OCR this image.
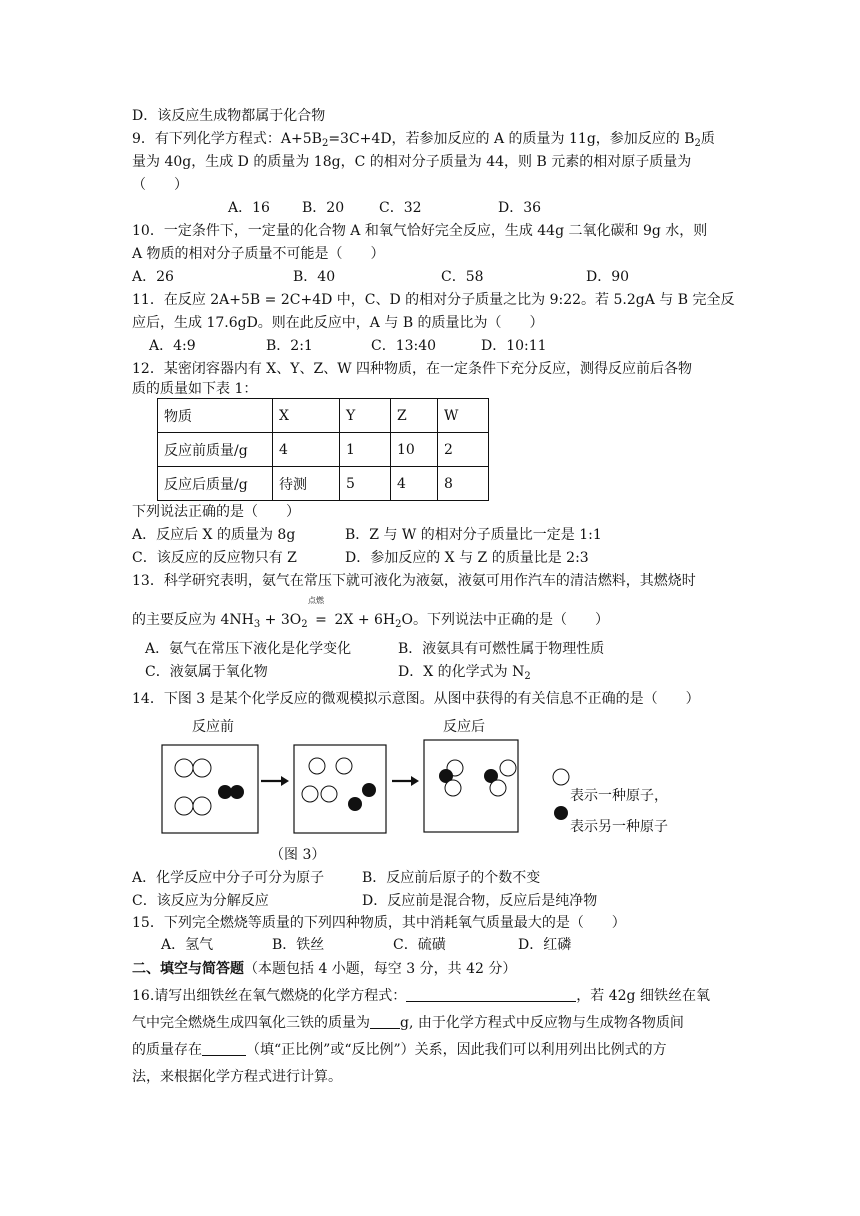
D．该反应生成物都属于化合物
9．有下列化学方程式：$A+5B_2=3C+4D$，若参加反应的 A 的质量为 11g，参加反应的 $B_2$质
量为 40g，生成 D 的质量为 18g，C 的相对分子质量为 44，则 B 元素的相对原子质量为
（　　）
A．16 B．20 C．32	D．36
10．一定条件下，一定量的化合物 A 和氧气恰好完全反应，生成 44g 二氧化碳和 9g 水，则
A 物质的相对分子质量不可能是（　　）
A．26	B．40	C．58	D．90
11．在反应 2A+5B = 2C+4D 中，C、D 的相对分子质量之比为 9:22。若 5.2gA 与 B 完全反
应后，生成 17.6gD。则在此反应中，A 与 B 的质量比为（　　）
A．4:9	B．2:1	C．13:40	D．10:11
12．某密闭容器内有 X、Y、Z、W 四种物质，在一定条件下充分反应，测得反应前后各物
质的质量如下表 1：
物质	X	Y	Z	W
反应前质量/g	4	1	10	2
反应后质量/g	待测	5	4	8
下列说法正确的是（　　）
A．反应后 X 的质量为 8g	B．Z 与 W 的相对分子质量比一定是 1:1
C．该反应的反应物只有 Z	D．参加反应的 X 与 Z 的质量比是 2:3
13．科学研究表明，氨气在常压下就可液化为液氨，液氨可用作汽车的清洁燃料，其燃烧时
的主要反应为 $4NH_3 + 3O_2$
点燃
= $2X + 6H_2O$。下列说法中正确的是（　　）
A．氨气在常压下液化是化学变化	B．液氨具有可燃性属于物理性质
C．液氨属于氧化物	D．X 的化学式为 $N_2$
14．下图 3 是某个化学反应的微观模拟示意图。从图中获得的有关信息不正确的是（　　）
反应前	反应后
表示一种原子，
表示另一种原子
（图 3）
A．化学反应中分子可分为原子	B．反应前后原子的个数不变
C．该反应为分解反应	D．反应前是混合物，反应后是纯净物
15．下列完全燃烧等质量的下列四种物质，其中消耗氧气质量最大的是（　　）
A．氢气	B．铁丝	C．硫磺	D．红磷
二、填空与简答题（本题包括 4 小题，每空 3 分，共 42 分）
16.请写出细铁丝在氧气燃烧的化学方程式：	，若 42g 细铁丝在氧
气中完全燃烧生成四氧化三铁的质量为 g, 由于化学方程式中反应物与生成物各物质间
的质量存在	（填“正比例”或“反比例”）关系，因此我们可以利用列出比例式的方
法，来根据化学方程式进行计算。
